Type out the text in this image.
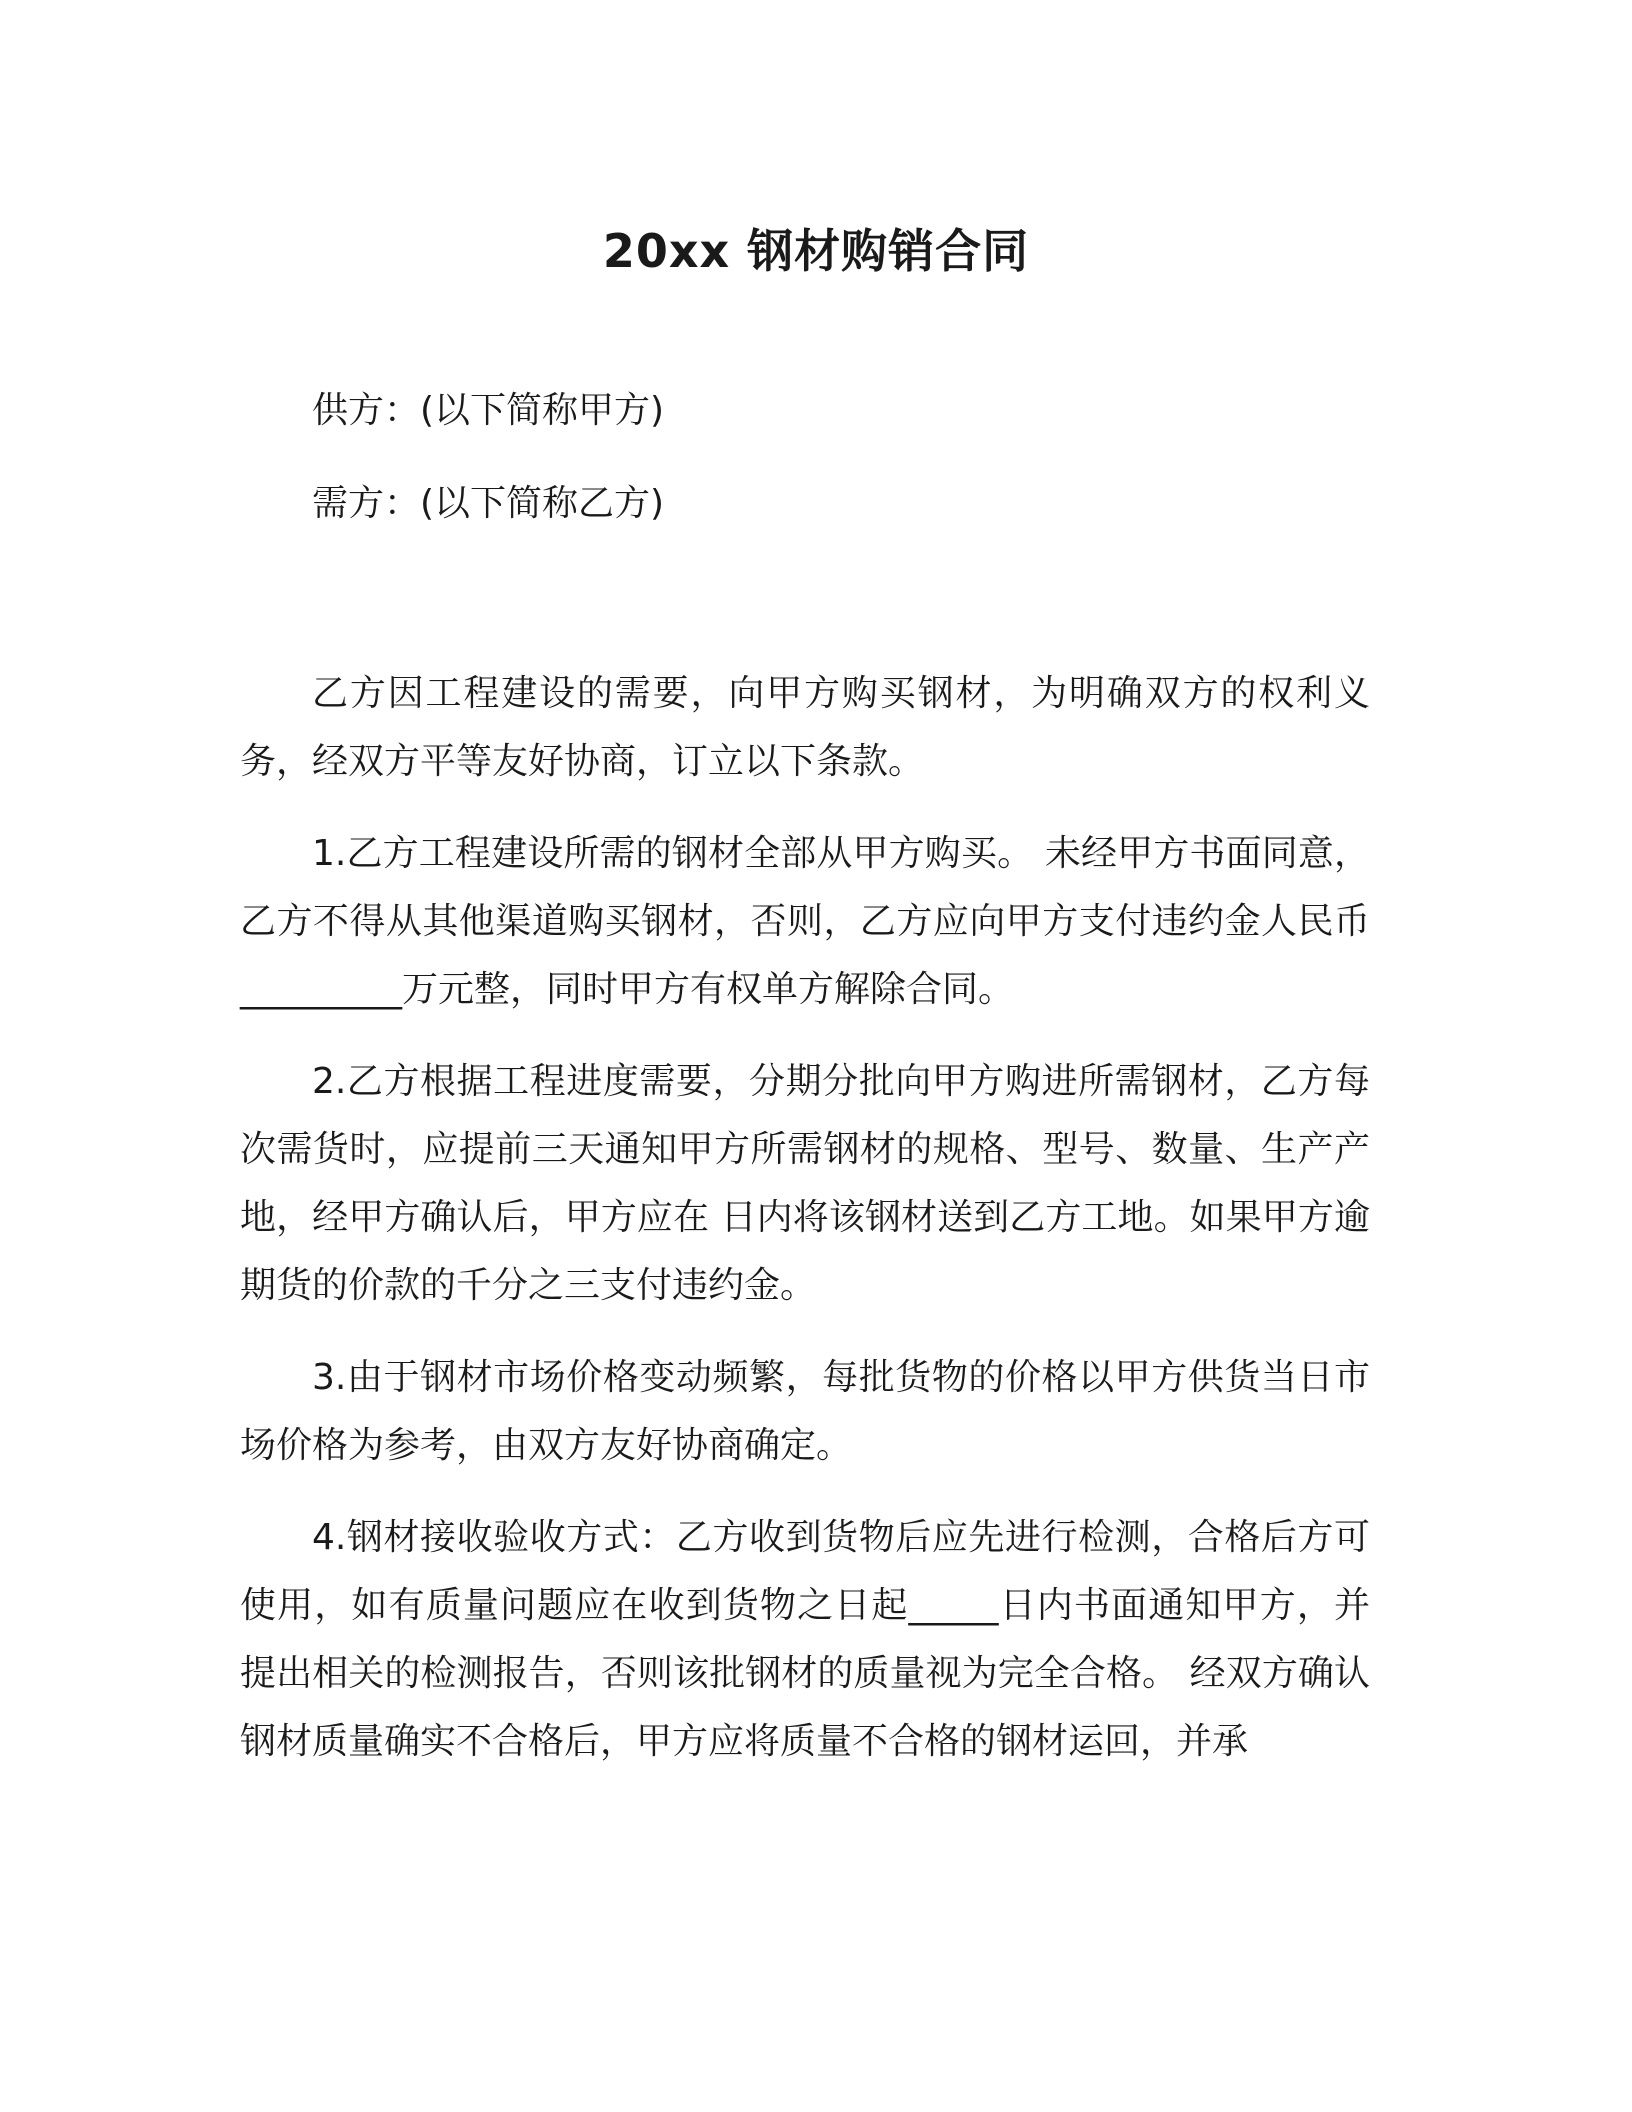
20xx 钢材购销合同
供方：(以下简称甲方)
需方：(以下简称乙方)

乙方因工程建设的需要，向甲方购买钢材，为明确双方的权利义务，经双方平等友好协商，订立以下条款。

1.乙方工程建设所需的钢材全部从甲方购买。 未经甲方书面同意，乙方不得从其他渠道购买钢材，否则，乙方应向甲方支付违约金人民币 _________万元整，同时甲方有权单方解除合同。

2.乙方根据工程进度需要，分期分批向甲方购进所需钢材，乙方每次需货时，应提前三天通知甲方所需钢材的规格、型号、数量、生产产地，经甲方确认后，甲方应在 日内将该钢材送到乙方工地。如果甲方逾期货的价款的千分之三支付违约金。

3.由于钢材市场价格变动频繁，每批货物的价格以甲方供货当日市场价格为参考，由双方友好协商确定。

4.钢材接收验收方式：乙方收到货物后应先进行检测，合格后方可使用，如有质量问题应在收到货物之日起_____日内书面通知甲方，并提出相关的检测报告，否则该批钢材的质量视为完全合格。 经双方确认钢材质量确实不合格后，甲方应将质量不合格的钢材运回，并承
